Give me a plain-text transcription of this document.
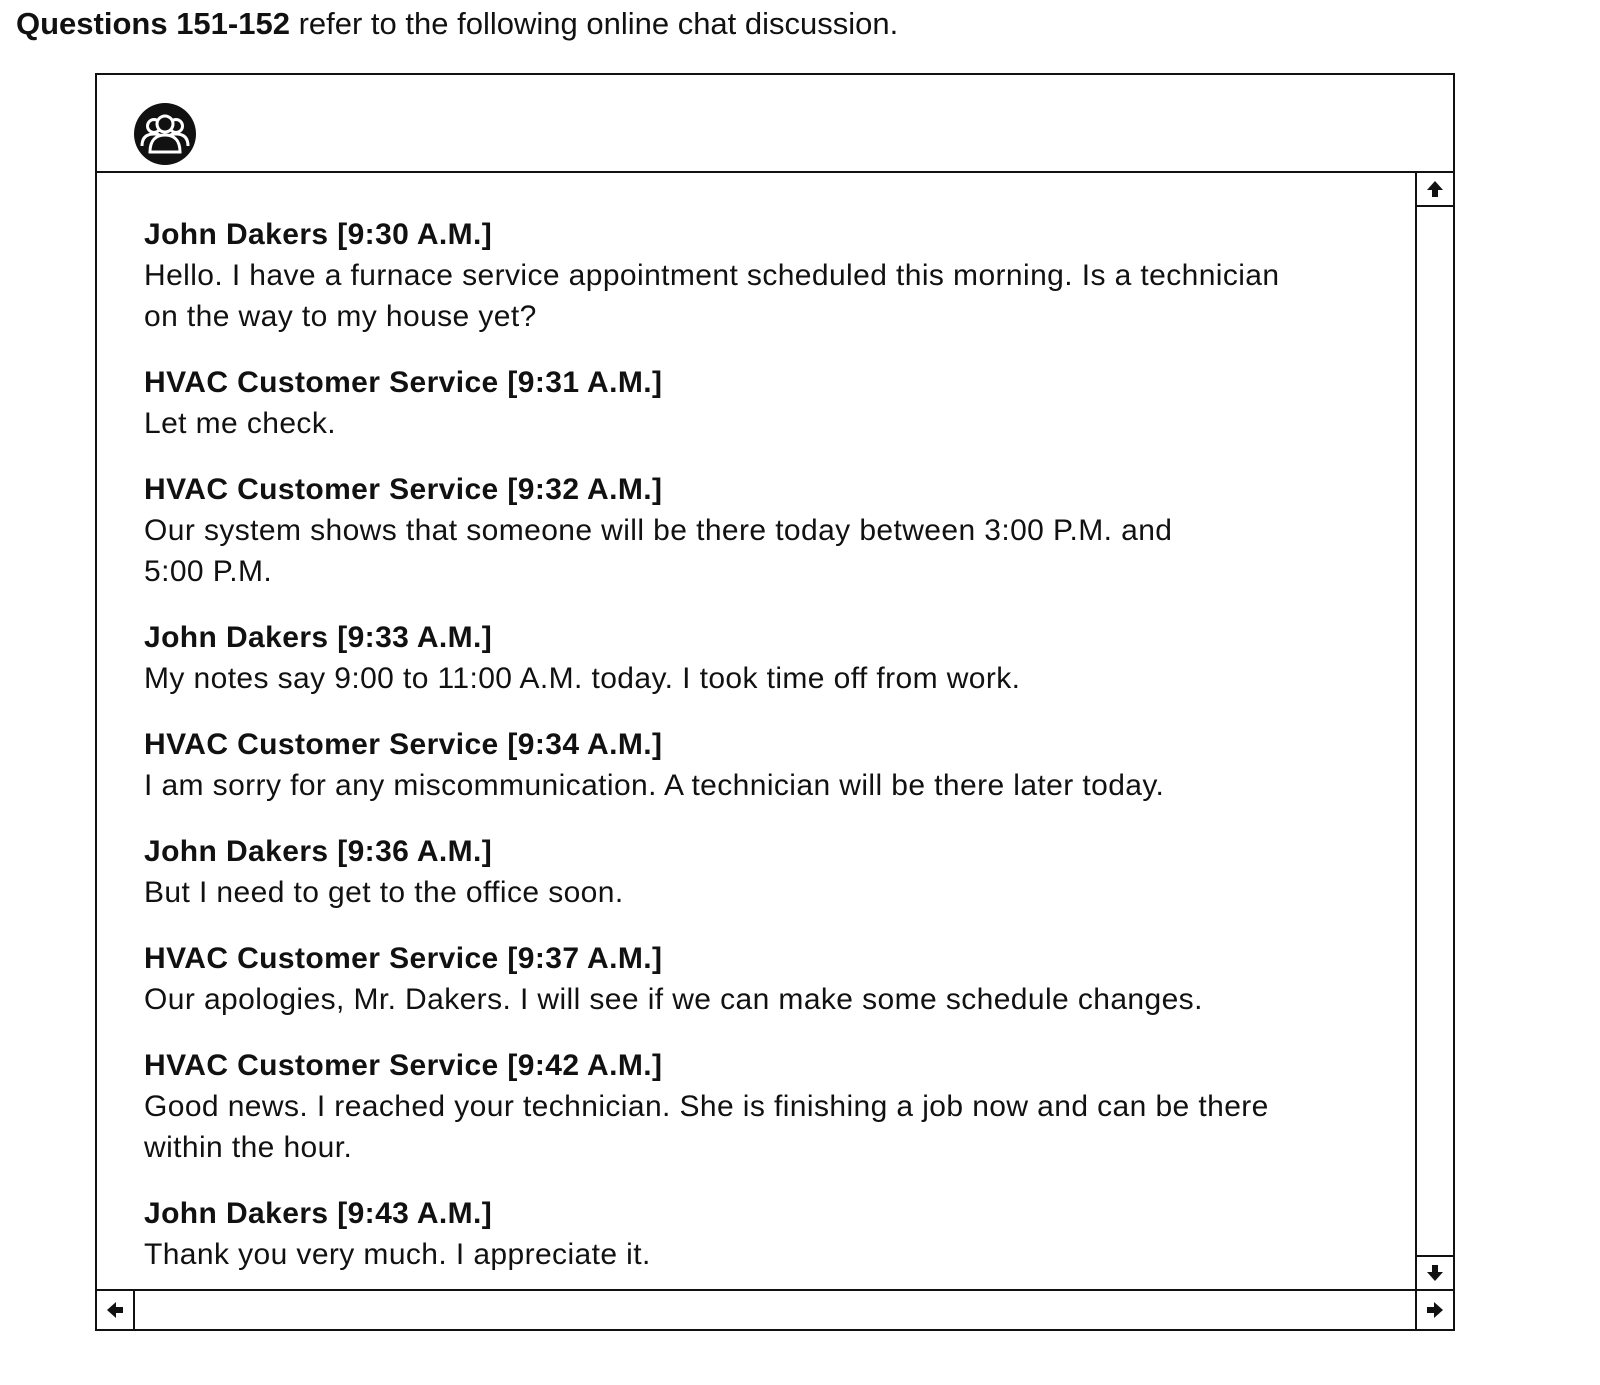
Questions 151-152 refer to the following online chat discussion.
John Dakers [9:30 A.M.]
Hello. I have a furnace service appointment scheduled this morning. Is a technician
on the way to my house yet?
HVAC Customer Service [9:31 A.M.]
Let me check.
HVAC Customer Service [9:32 A.M.]
Our system shows that someone will be there today between 3:00 P.M. and
5:00 P.M.
John Dakers [9:33 A.M.]
My notes say 9:00 to 11:00 A.M. today. I took time off from work.
HVAC Customer Service [9:34 A.M.]
I am sorry for any miscommunication. A technician will be there later today.
John Dakers [9:36 A.M.]
But I need to get to the office soon.
HVAC Customer Service [9:37 A.M.]
Our apologies, Mr. Dakers. I will see if we can make some schedule changes.
HVAC Customer Service [9:42 A.M.]
Good news. I reached your technician. She is finishing a job now and can be there
within the hour.
John Dakers [9:43 A.M.]
Thank you very much. I appreciate it.
